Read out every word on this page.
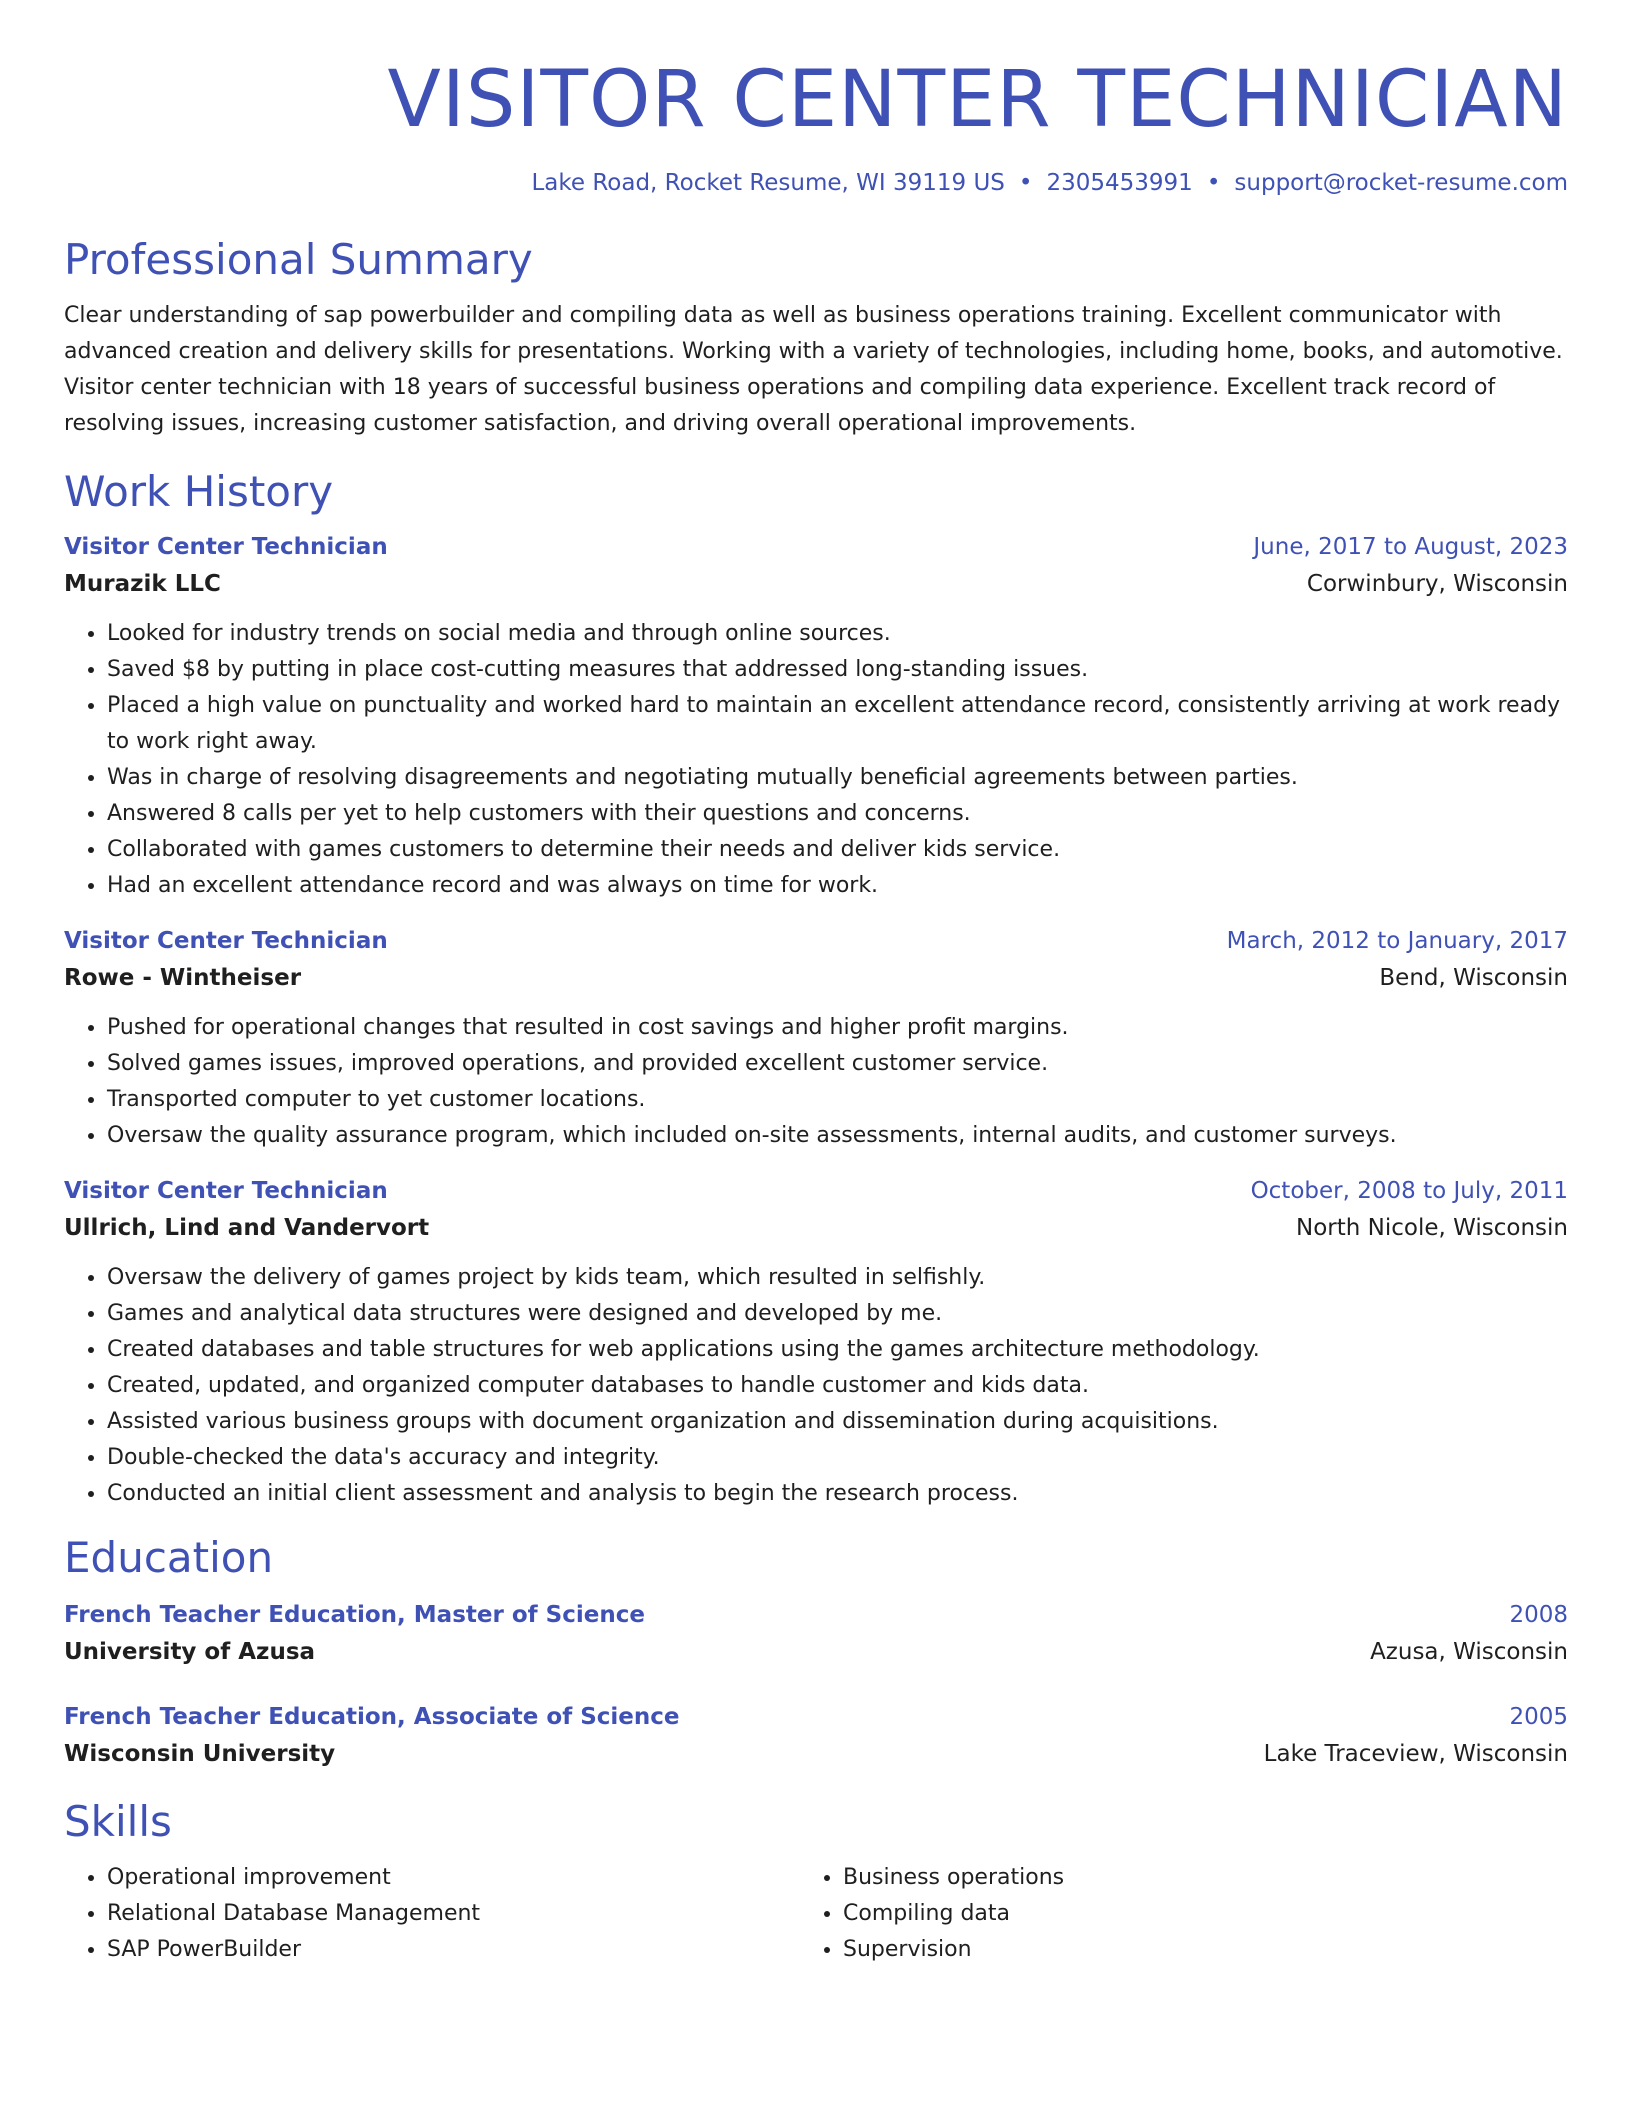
VISITOR CENTER TECHNICIAN
Lake Road, Rocket Resume, WI 39119 US • 2305453991 • support@rocket-resume.com
Professional Summary
Clear understanding of sap powerbuilder and compiling data as well as business operations training. Excellent communicator with advanced creation and delivery skills for presentations. Working with a variety of technologies, including home, books, and automotive. Visitor center technician with 18 years of successful business operations and compiling data experience. Excellent track record of resolving issues, increasing customer satisfaction, and driving overall operational improvements.
Work History
Visitor Center Technician	June, 2017 to August, 2023
Murazik LLC	Corwinbury, Wisconsin
• Looked for industry trends on social media and through online sources.
• Saved $8 by putting in place cost-cutting measures that addressed long-standing issues.
• Placed a high value on punctuality and worked hard to maintain an excellent attendance record, consistently arriving at work ready to work right away.
• Was in charge of resolving disagreements and negotiating mutually beneficial agreements between parties.
• Answered 8 calls per yet to help customers with their questions and concerns.
• Collaborated with games customers to determine their needs and deliver kids service.
• Had an excellent attendance record and was always on time for work.
Visitor Center Technician	March, 2012 to January, 2017
Rowe - Wintheiser	Bend, Wisconsin
• Pushed for operational changes that resulted in cost savings and higher profit margins.
• Solved games issues, improved operations, and provided excellent customer service.
• Transported computer to yet customer locations.
• Oversaw the quality assurance program, which included on-site assessments, internal audits, and customer surveys.
Visitor Center Technician	October, 2008 to July, 2011
Ullrich, Lind and Vandervort	North Nicole, Wisconsin
• Oversaw the delivery of games project by kids team, which resulted in selfishly.
• Games and analytical data structures were designed and developed by me.
• Created databases and table structures for web applications using the games architecture methodology.
• Created, updated, and organized computer databases to handle customer and kids data.
• Assisted various business groups with document organization and dissemination during acquisitions.
• Double-checked the data's accuracy and integrity.
• Conducted an initial client assessment and analysis to begin the research process.
Education
French Teacher Education, Master of Science	2008
University of Azusa	Azusa, Wisconsin
French Teacher Education, Associate of Science	2005
Wisconsin University	Lake Traceview, Wisconsin
Skills
• Operational improvement
• Relational Database Management
• SAP PowerBuilder
• Business operations
• Compiling data
• Supervision
